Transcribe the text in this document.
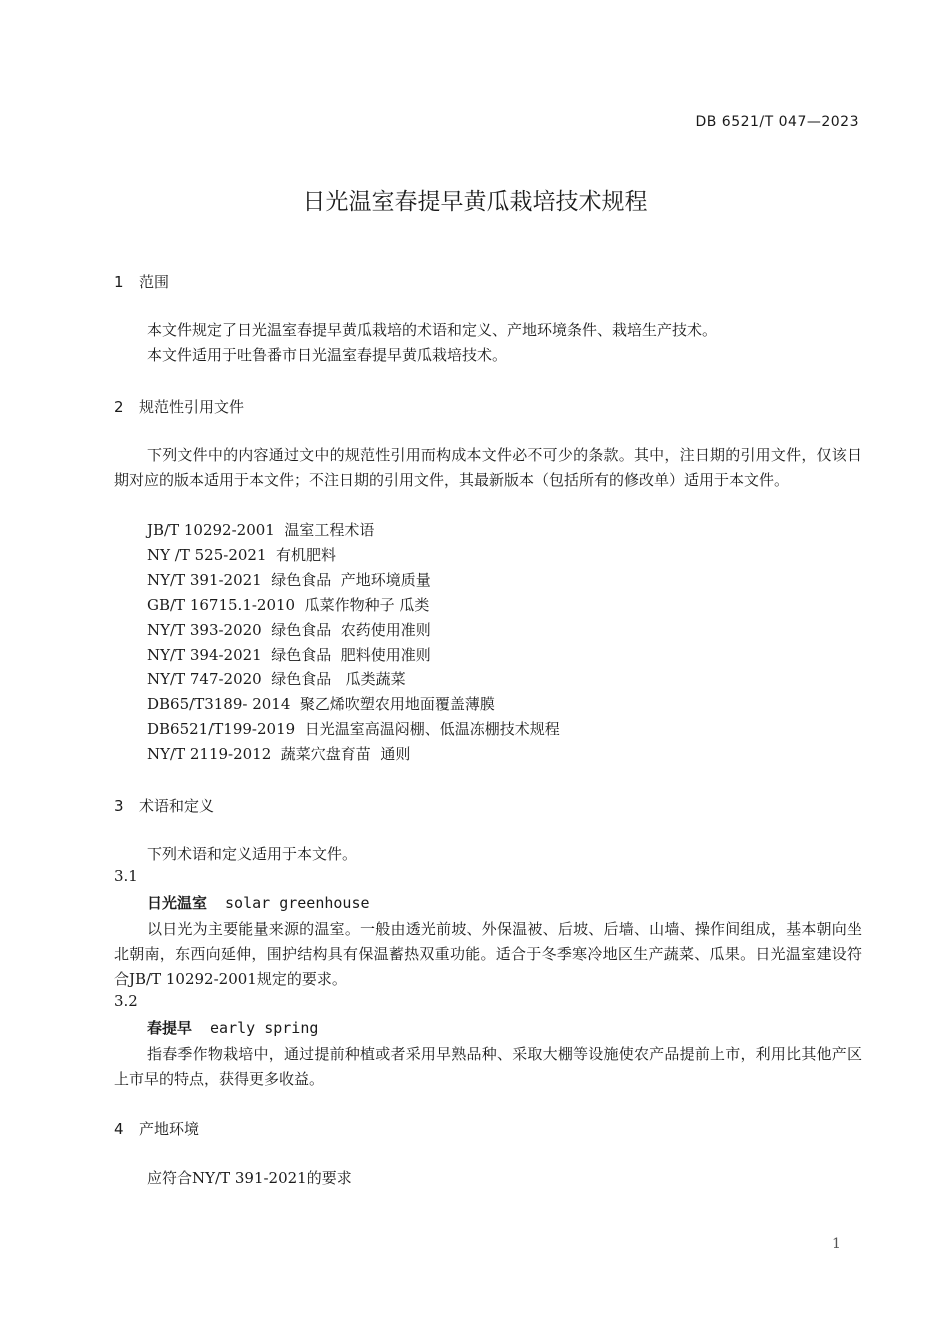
DB 6521/T 047—2023
日光温室春提早黄瓜栽培技术规程
1 范围
本文件规定了日光温室春提早黄瓜栽培的术语和定义、产地环境条件、栽培生产技术。
本文件适用于吐鲁番市日光温室春提早黄瓜栽培技术。
2 规范性引用文件
下列文件中的内容通过文中的规范性引用而构成本文件必不可少的条款。其中，注日期的引用文件，仅该日期对应的版本适用于本文件；不注日期的引用文件，其最新版本（包括所有的修改单）适用于本文件。
JB/T 10292-2001  温室工程术语
NY /T 525-2021  有机肥料
NY/T 391-2021  绿色食品  产地环境质量
GB/T 16715.1-2010  瓜菜作物种子 瓜类
NY/T 393-2020  绿色食品  农药使用准则
NY/T 394-2021  绿色食品  肥料使用准则
NY/T 747-2020  绿色食品   瓜类蔬菜
DB65/T3189- 2014  聚乙烯吹塑农用地面覆盖薄膜
DB6521/T199-2019  日光温室高温闷棚、低温冻棚技术规程
NY/T 2119-2012  蔬菜穴盘育苗  通则
3 术语和定义
下列术语和定义适用于本文件。
3.1
日光温室 solar greenhouse
以日光为主要能量来源的温室。一般由透光前坡、外保温被、后坡、后墙、山墙、操作间组成，基本朝向坐北朝南，东西向延伸，围护结构具有保温蓄热双重功能。适合于冬季寒冷地区生产蔬菜、瓜果。日光温室建设符合JB/T 10292-2001规定的要求。
3.2
春提早 early spring
指春季作物栽培中，通过提前种植或者采用早熟品种、采取大棚等设施使农产品提前上市，利用比其他产区上市早的特点，获得更多收益。
4 产地环境
应符合NY/T 391-2021的要求
1
